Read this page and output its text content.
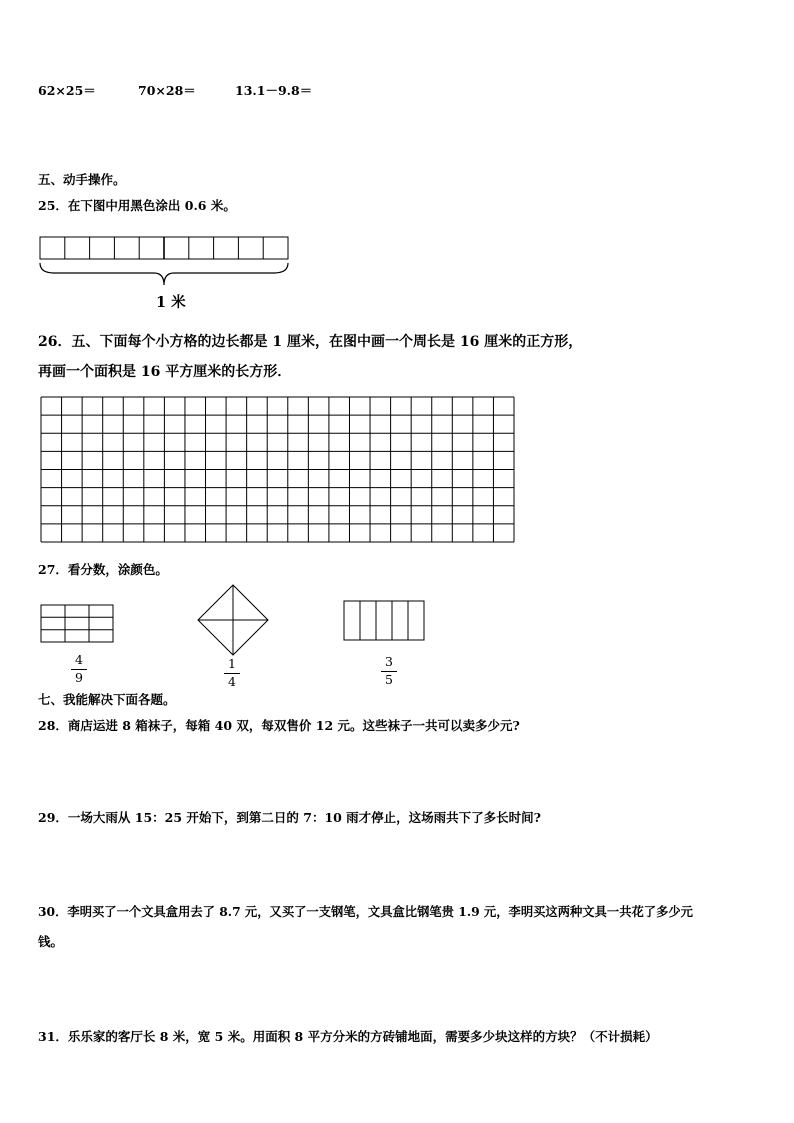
62×25＝	70×28＝	13.1－9.8＝
五、动手操作。
25．在下图中用黑色涂出 0.6 米。
1 米
26．五、下面每个小方格的边长都是 1 厘米，在图中画一个周长是 16 厘米的正方形，
再画一个面积是 16 平方厘米的长方形．
27．看分数，涂颜色。
4
9
1
4
3
5
七、我能解决下面各题。
28．商店运进 8 箱袜子，每箱 40 双，每双售价 12 元。这些袜子一共可以卖多少元?
29．一场大雨从 15：25 开始下，到第二日的 7：10 雨才停止，这场雨共下了多长时间?
30．李明买了一个文具盒用去了 8.7 元，又买了一支钢笔，文具盒比钢笔贵 1.9 元，李明买这两种文具一共花了多少元
钱。
31．乐乐家的客厅长 8 米，宽 5 米。用面积 8 平方分米的方砖铺地面，需要多少块这样的方块？（不计损耗）
